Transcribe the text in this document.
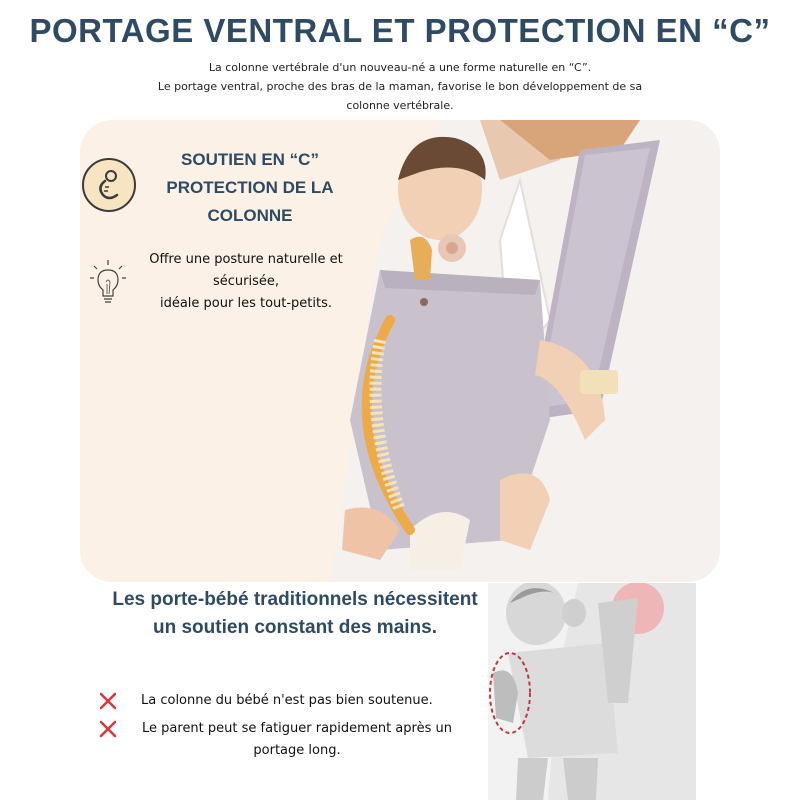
PORTAGE VENTRAL ET PROTECTION EN “C”
La colonne vertébrale d'un nouveau-né a une forme naturelle en “C”.
Le portage ventral, proche des bras de la maman, favorise le bon développement de sa
colonne vertébrale.
SOUTIEN EN “C”
PROTECTION DE LA
COLONNE
Offre une posture naturelle et
sécurisée,
idéale pour les tout-petits.
Les porte-bébé traditionnels nécessitent
un soutien constant des mains.
La colonne du bébé n'est pas bien soutenue.
Le parent peut se fatiguer rapidement après un
portage long.
